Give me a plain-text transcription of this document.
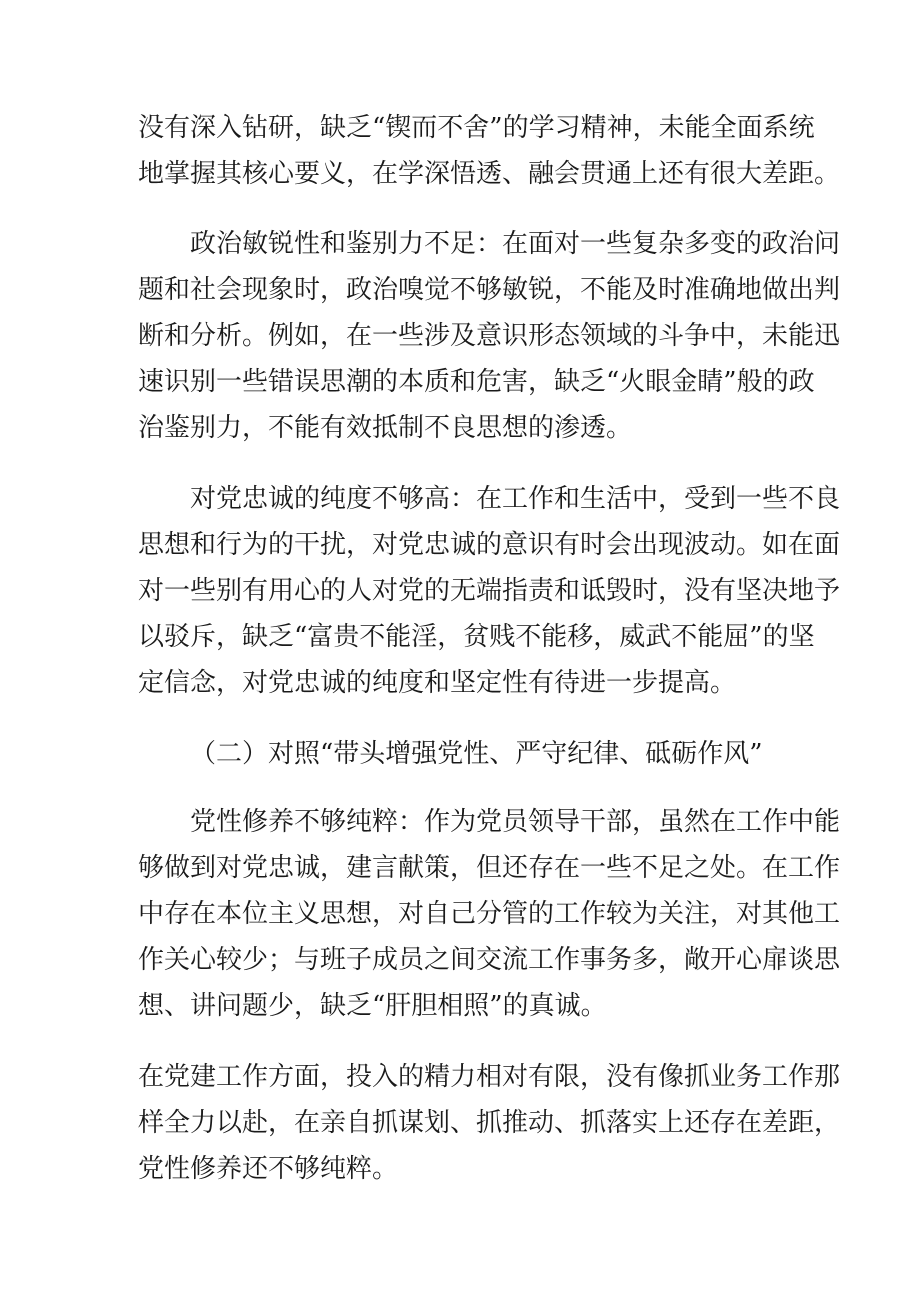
没有深入钻研，缺乏“锲而不舍”的学习精神，未能全面系统
地掌握其核心要义，在学深悟透、融会贯通上还有很大差距。
政治敏锐性和鉴别力不足：在面对一些复杂多变的政治问
题和社会现象时，政治嗅觉不够敏锐，不能及时准确地做出判
断和分析。例如，在一些涉及意识形态领域的斗争中，未能迅
速识别一些错误思潮的本质和危害，缺乏“火眼金睛”般的政
治鉴别力，不能有效抵制不良思想的渗透。
对党忠诚的纯度不够高：在工作和生活中，受到一些不良
思想和行为的干扰，对党忠诚的意识有时会出现波动。如在面
对一些别有用心的人对党的无端指责和诋毁时，没有坚决地予
以驳斥，缺乏“富贵不能淫，贫贱不能移，威武不能屈”的坚
定信念，对党忠诚的纯度和坚定性有待进一步提高。
（二）对照“带头增强党性、严守纪律、砥砺作风”
党性修养不够纯粹：作为党员领导干部，虽然在工作中能
够做到对党忠诚，建言献策，但还存在一些不足之处。在工作
中存在本位主义思想，对自己分管的工作较为关注，对其他工
作关心较少；与班子成员之间交流工作事务多，敞开心扉谈思
想、讲问题少，缺乏“肝胆相照”的真诚。
在党建工作方面，投入的精力相对有限，没有像抓业务工作那
样全力以赴，在亲自抓谋划、抓推动、抓落实上还存在差距，
党性修养还不够纯粹。
